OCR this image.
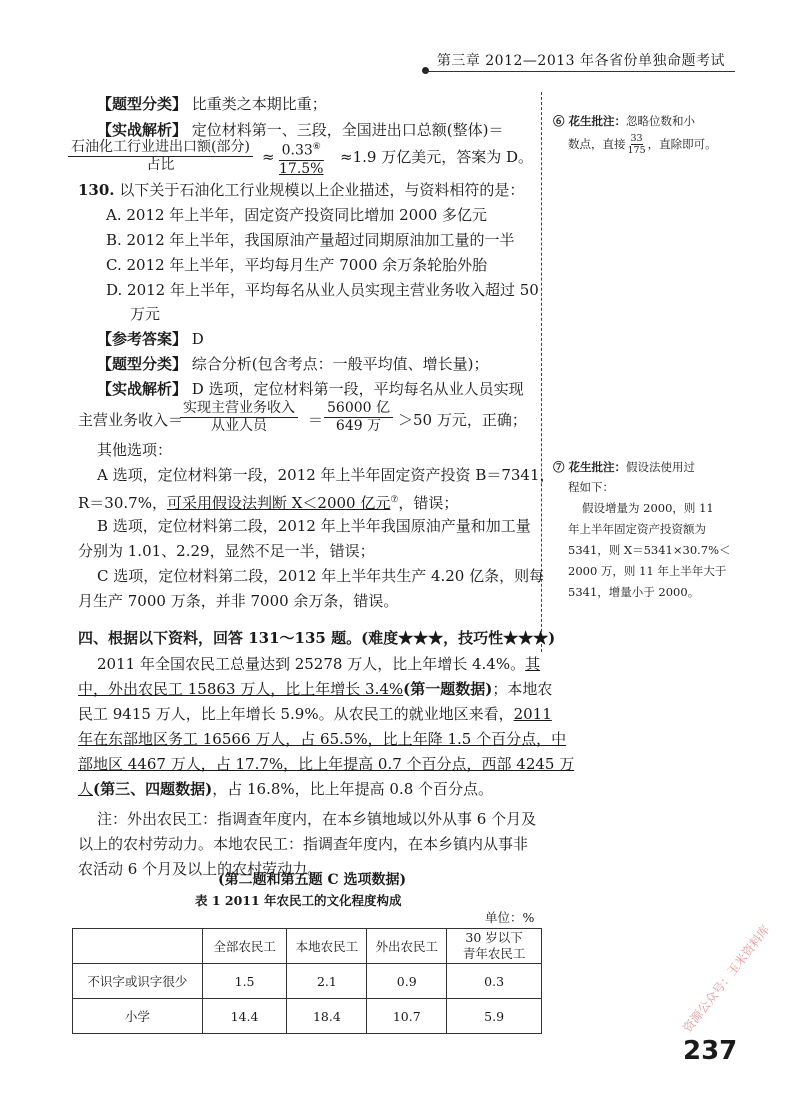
第三章 2012—2013 年各省份单独命题考试
【题型分类】 比重类之本期比重；
【实战解析】 定位材料第一、三段，全国进出口总额(整体)＝
石油化工行业进出口额(部分)
占比	≈ $\frac{0.33^⑥}{17.5\%} \approx 1.9$ 万亿美元，答案为 D。
130. 以下关于石油化工行业规模以上企业描述，与资料相符的是：
A. 2012 年上半年，固定资产投资同比增加 2000 多亿元
B. 2012 年上半年，我国原油产量超过同期原油加工量的一半
C. 2012 年上半年，平均每月生产 7000 余万条轮胎外胎
D. 2012 年上半年，平均每名从业人员实现主营业务收入超过 50
万元
【参考答案】 D
【题型分类】 综合分析(包含考点：一般平均值、增长量)；
【实战解析】 D 选项，定位材料第一段，平均每名从业人员实现
主营业务收入＝
实现主营业务收入
从业人员	＝
56000 亿
649 万 ＞50 万元，正确；
其他选项：
A 选项，定位材料第一段，2012 年上半年固定资产投资 B＝7341，
R＝30.7%，可采用假设法判断 X＜2000 亿元⑦，错误；
B 选项，定位材料第二段，2012 年上半年我国原油产量和加工量
分别为 1.01、2.29，显然不足一半，错误；
C 选项，定位材料第二段，2012 年上半年共生产 4.20 亿条，则每
月生产 7000 万条，并非 7000 余万条，错误。
四、根据以下资料，回答 131～135 题。(难度★★★，技巧性★★★)
2011 年全国农民工总量达到 25278 万人，比上年增长 4.4%。其
中，外出农民工 15863 万人，比上年增长 3.4%(第一题数据)；本地农
民工 9415 万人，比上年增长 5.9%。从农民工的就业地区来看，2011
年在东部地区务工 16566 万人，占 65.5%，比上年降 1.5 个百分点，中
部地区 4467 万人，占 17.7%，比上年提高 0.7 个百分点，西部 4245 万
人(第三、四题数据)，占 16.8%，比上年提高 0.8 个百分点。
注：外出农民工：指调查年度内，在本乡镇地域以外从事 6 个月及
以上的农村劳动力。本地农民工：指调查年度内，在本乡镇内从事非
农活动 6 个月及以上的农村劳动力。
(第二题和第五题 C 选项数据)
表 1 2011 年农民工的文化程度构成
单位：%
	全部农民工	本地农民工	外出农民工	30 岁以下
青年农民工

不识字或识字很少	1.5	2.1	0.9	0.3
小学	14.4	18.4	10.7	5.9
⑥ 花生批注：忽略位数和小
数点，直接 33
175 ，直除即可。
⑦ 花生批注：假设法使用过
程如下：
假设增量为 2000，则 11
年上半年固定资产投资额为
5341，则 X＝5341×30.7%＜
2000 万，则 11 年上半年大于
5341，增量小于 2000。
237
资源公众号：玉米资料库
